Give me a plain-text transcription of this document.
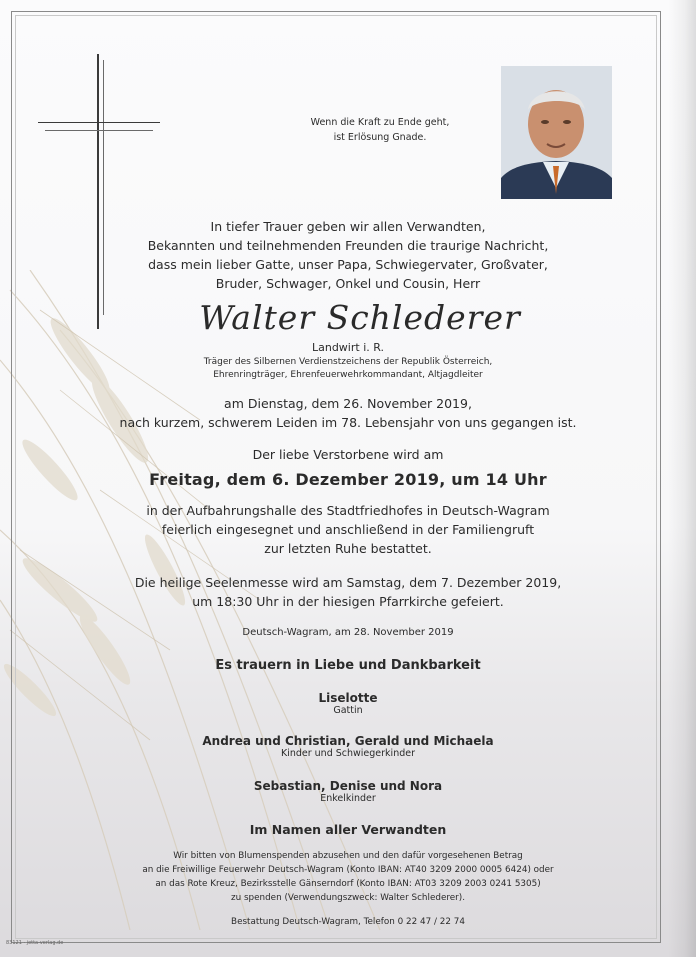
Wenn die Kraft zu Ende geht,
ist Erlösung Gnade.
In tiefer Trauer geben wir allen Verwandten,
Bekannten und teilnehmenden Freunden die traurige Nachricht,
dass mein lieber Gatte, unser Papa, Schwiegervater, Großvater,
Bruder, Schwager, Onkel und Cousin, Herr
Walter Schlederer
Landwirt i. R.
Träger des Silbernen Verdienstzeichens der Republik Österreich,
Ehrenringträger, Ehrenfeuerwehrkommandant, Altjagdleiter
am Dienstag, dem 26. November 2019,
nach kurzem, schwerem Leiden im 78. Lebensjahr von uns gegangen ist.
Der liebe Verstorbene wird am
Freitag, dem 6. Dezember 2019, um 14 Uhr
in der Aufbahrungshalle des Stadtfriedhofes in Deutsch-Wagram
feierlich eingesegnet und anschließend in der Familiengruft
zur letzten Ruhe bestattet.
Die heilige Seelenmesse wird am Samstag, dem 7. Dezember 2019,
um 18:30 Uhr in der hiesigen Pfarrkirche gefeiert.
Deutsch-Wagram, am 28. November 2019
Es trauern in Liebe und Dankbarkeit
Liselotte
Gattin
Andrea und Christian, Gerald und Michaela
Kinder und Schwiegerkinder
Sebastian, Denise und Nora
Enkelkinder
Im Namen aller Verwandten
Wir bitten von Blumenspenden abzusehen und den dafür vorgesehenen Betrag
an die Freiwillige Feuerwehr Deutsch-Wagram (Konto IBAN: AT40 3209 2000 0005 6424) oder
an das Rote Kreuz, Bezirksstelle Gänserndorf (Konto IBAN: AT03 3209 2003 0241 5305)
zu spenden (Verwendungszweck: Walter Schlederer).
Bestattung Deutsch-Wagram, Telefon 0 22 47 / 22 74
83121 · jetta-verlag.de
